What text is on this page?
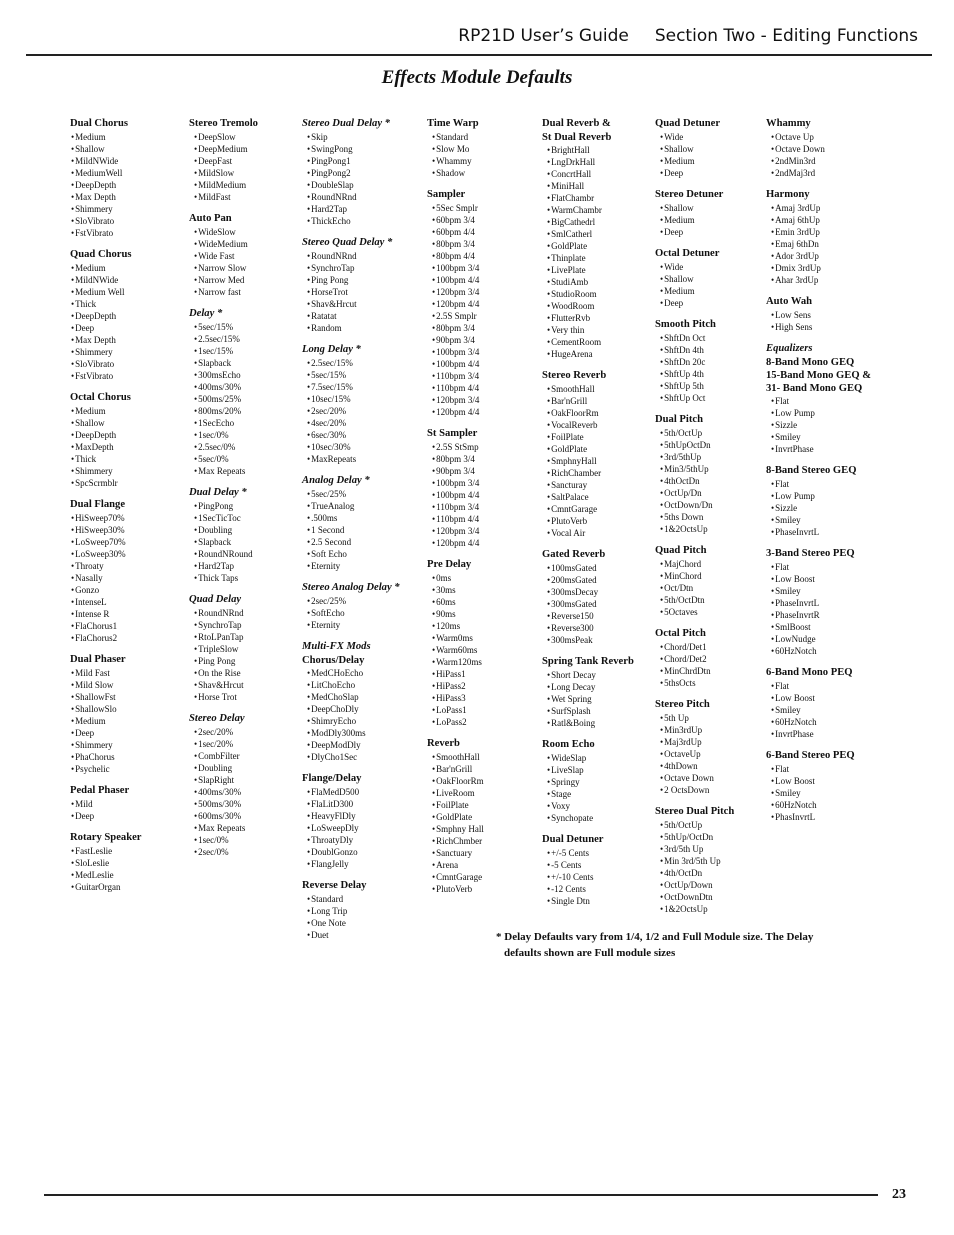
RP21D User’s Guide Section Two - Editing Functions
Effects Module Defaults
Dual Chorus
• Medium
• Shallow
• MildNWide
• MediumWell
• DeepDepth
• Max Depth
• Shimmery
• SloVibrato
• FstVibrato
Quad Chorus
• Medium
• MildNWide
• Medium Well
• Thick
• DeepDepth
• Deep
• Max Depth
• Shimmery
• SloVibrato
• FstVibrato
Octal Chorus
• Medium
• Shallow
• DeepDepth
• MaxDepth
• Thick
• Shimmery
• SpcScrmblr
Dual Flange
• HiSweep70%
• HiSweep30%
• LoSweep70%
• LoSweep30%
• Throaty
• Nasally
• Gonzo
• IntenseL
• Intense R
• FlaChorus1
• FlaChorus2
Dual Phaser
• Mild Fast
• Mild Slow
• ShallowFst
• ShallowSlo
• Medium
• Deep
• Shimmery
• PhaChorus
• Psychelic
Pedal Phaser
• Mild
• Deep
Rotary Speaker
• FastLeslie
• SloLeslie
• MedLeslie
• GuitarOrgan
Stereo Tremolo
• DeepSlow
• DeepMedium
• DeepFast
• MildSlow
• MildMedium
• MildFast
Auto Pan
• WideSlow
• WideMedium
• Wide Fast
• Narrow Slow
• Narrow Med
• Narrow fast
Delay *
• 5sec/15%
• 2.5sec/15%
• 1sec/15%
• Slapback
• 300msEcho
• 400ms/30%
• 500ms/25%
• 800ms/20%
• 1SecEcho
• 1sec/0%
• 2.5sec/0%
• 5sec/0%
• Max Repeats
Dual Delay *
• PingPong
• 1SecTicToc
• Doubling
• Slapback
• RoundNRound
• Hard2Tap
• Thick Taps
Quad Delay
• RoundNRnd
• SynchroTap
• RtoLPanTap
• TripleSlow
• Ping Pong
• On the Rise
• Shav&Hrcut
• Horse Trot
Stereo Delay
• 2sec/20%
• 1sec/20%
• CombFilter
• Doubling
• SlapRight
• 400ms/30%
• 500ms/30%
• 600ms/30%
• Max Repeats
• 1sec/0%
• 2sec/0%
Stereo Dual Delay *
• Skip
• SwingPong
• PingPong1
• PingPong2
• DoubleSlap
• RoundNRnd
• Hard2Tap
• ThickEcho
Stereo Quad Delay *
• RoundNRnd
• SynchroTap
• Ping Pong
• HorseTrot
• Shav&Hrcut
• Ratatat
• Random
Long Delay *
• 2.5sec/15%
• 5sec/15%
• 7.5sec/15%
• 10sec/15%
• 2sec/20%
• 4sec/20%
• 6sec/30%
• 10sec/30%
• MaxRepeats
Analog Delay *
• 5sec/25%
• TrueAnalog
• .500ms
• 1 Second
• 2.5 Second
• Soft Echo
• Eternity
Stereo Analog Delay *
• 2sec/25%
• SoftEcho
• Eternity
Multi-FX Mods
Chorus/Delay
• MedCHoEcho
• LitChoEcho
• MedChoSlap
• DeepChoDly
• ShimryEcho
• ModDly300ms
• DeepModDly
• DlyCho1Sec
Flange/Delay
• FlaMedD500
• FlaLitD300
• HeavyFlDly
• LoSweepDly
• ThroatyDly
• DoublGonzo
• FlangJelly
Reverse Delay
• Standard
• Long Trip
• One Note
• Duet
Time Warp
• Standard
• Slow Mo
• Whammy
• Shadow
Sampler
• 5Sec Smplr
• 60bpm 3/4
• 60bpm 4/4
• 80bpm 3/4
• 80bpm 4/4
• 100bpm 3/4
• 100bpm 4/4
• 120bpm 3/4
• 120bpm 4/4
• 2.5S Smplr
• 80bpm 3/4
• 90bpm 3/4
• 100bpm 3/4
• 100bpm 4/4
• 110bpm 3/4
• 110bpm 4/4
• 120bpm 3/4
• 120bpm 4/4
St Sampler
• 2.5S StSmp
• 80bpm 3/4
• 90bpm 3/4
• 100bpm 3/4
• 100bpm 4/4
• 110bpm 3/4
• 110bpm 4/4
• 120bpm 3/4
• 120bpm 4/4
Pre Delay
• 0ms
• 30ms
• 60ms
• 90ms
• 120ms
• Warm0ms
• Warm60ms
• Warm120ms
• HiPass1
• HiPass2
• HiPass3
• LoPass1
• LoPass2
Reverb
• SmoothHall
• Bar'nGrill
• OakFloorRm
• LiveRoom
• FoilPlate
• GoldPlate
• Smphny Hall
• RichChmber
• Sanctuary
• Arena
• CmntGarage
• PlutoVerb
Dual Reverb &
St Dual Reverb
• BrightHall
• LngDrkHall
• ConcrtHall
• MiniHall
• FlatChambr
• WarmChambr
• BigCathedrl
• SmlCatherl
• GoldPlate
• Thinplate
• LivePlate
• StudiAmb
• StudioRoom
• WoodRoom
• FlutterRvb
• Very thin
• CementRoom
• HugeArena
Stereo Reverb
• SmoothHall
• Bar'nGrill
• OakFloorRm
• VocalReverb
• FoilPlate
• GoldPlate
• SmphnyHall
• RichChamber
• Sancturay
• SaltPalace
• CmntGarage
• PlutoVerb
• Vocal Air
Gated Reverb
• 100msGated
• 200msGated
• 300msDecay
• 300msGated
• Reverse150
• Reverse300
• 300msPeak
Spring Tank Reverb
• Short Decay
• Long Decay
• Wet Spring
• SurfSplash
• Ratl&Boing
Room Echo
• WideSlap
• LiveSlap
• Springy
• Stage
• Voxy
• Synchopate
Dual Detuner
• +/-5 Cents
• -5 Cents
• +/-10 Cents
• -12 Cents
• Single Dtn
Quad Detuner
• Wide
• Shallow
• Medium
• Deep
Stereo Detuner
• Shallow
• Medium
• Deep
Octal Detuner
• Wide
• Shallow
• Medium
• Deep
Smooth Pitch
• ShftDn Oct
• ShftDn 4th
• ShftDn 20c
• ShftUp 4th
• ShftUp 5th
• ShftUp Oct
Dual Pitch
• 5th/OctUp
• 5thUpOctDn
• 3rd/5thUp
• Min3/5thUp
• 4thOctDn
• OctUp/Dn
• OctDown/Dn
• 5ths Down
• 1&2OctsUp
Quad Pitch
• MajChord
• MinChord
• Oct/Dtn
• 5th/OctDtn
• 5Octaves
Octal Pitch
• Chord/Det1
• Chord/Det2
• MinChrdDtn
• 5thsOcts
Stereo Pitch
• 5th Up
• Min3rdUp
• Maj3rdUp
• OctaveUp
• 4thDown
• Octave Down
• 2 OctsDown
Stereo Dual Pitch
• 5th/OctUp
• 5thUp/OctDn
• 3rd/5th Up
• Min 3rd/5th Up
• 4th/OctDn
• OctUp/Down
• OctDownDtn
• 1&2OctsUp
Whammy
• Octave Up
• Octave Down
• 2ndMin3rd
• 2ndMaj3rd
Harmony
• Amaj 3rdUp
• Amaj 6thUp
• Emin 3rdUp
• Emaj 6thDn
• Ador 3rdUp
• Dmix 3rdUp
• Ahar 3rdUp
Auto Wah
• Low Sens
• High Sens
Equalizers
8-Band Mono GEQ
15-Band Mono GEQ &
31- Band Mono GEQ
• Flat
• Low Pump
• Sizzle
• Smiley
• InvrtPhase
8-Band Stereo GEQ
• Flat
• Low Pump
• Sizzle
• Smiley
• PhaseInvrtL
3-Band Stereo PEQ
• Flat
• Low Boost
• Smiley
• PhaseInvrtL
• PhaseInvrtR
• SmlBoost
• LowNudge
• 60HzNotch
6-Band Mono PEQ
• Flat
• Low Boost
• Smiley
• 60HzNotch
• InvrtPhase
6-Band Stereo PEQ
• Flat
• Low Boost
• Smiley
• 60HzNotch
• PhasInvrtL
* Delay Defaults vary from 1/4, 1/2 and Full Module size. The Delay
defaults shown are Full module sizes
23
